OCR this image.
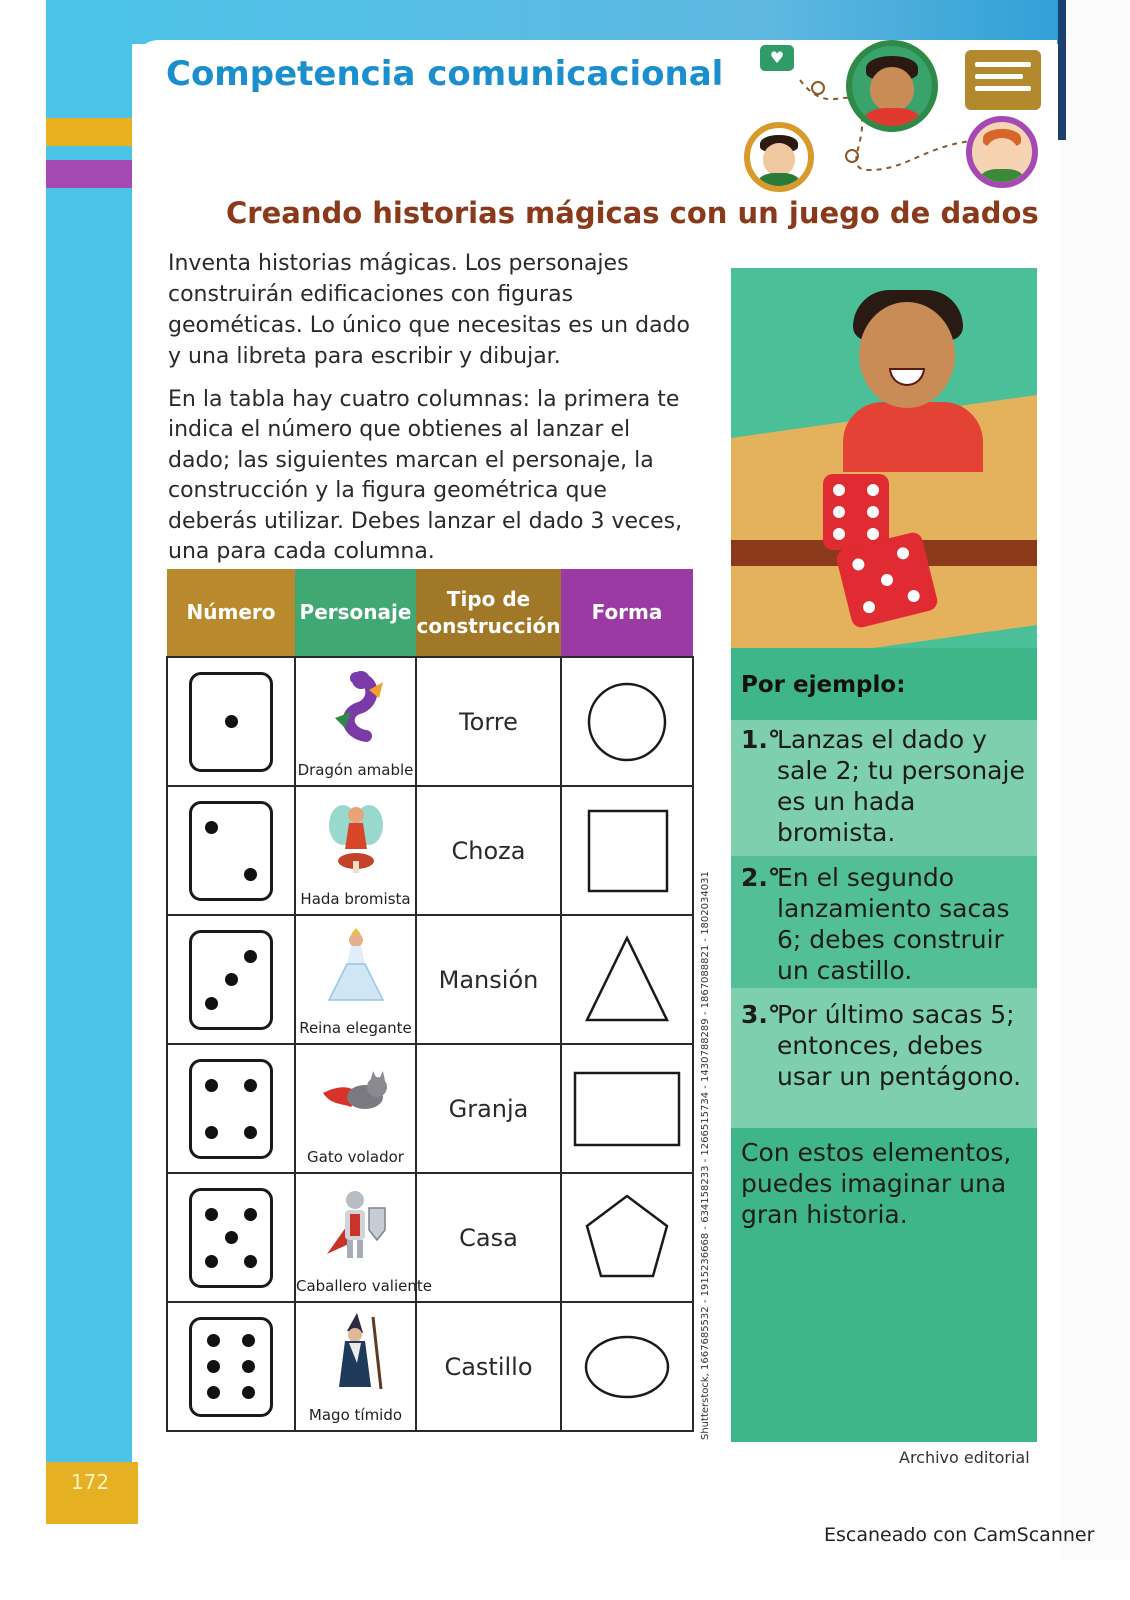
172
Competencia comunicacional	♥
Creando historias mágicas con un juego de dados
Inventa historias mágicas. Los personajes construirán edificaciones con figuras geométicas. Lo único que necesitas es un dado y una libreta para escribir y dibujar.
En la tabla hay cuatro columnas: la primera te indica el número que obtienes al lanzar el dado; las siguientes marcan el personaje, la construcción y la figura geométrica que deberás utilizar. Debes lanzar el dado 3 veces, una para cada columna.
Número	Personaje	Tipo de construcción	Forma

	Dragón amable	Torre	

	Hada bromista	Choza	

	Reina elegante	Mansión	

	Gato volador	Granja	

	Caballero valiente	Casa	

	Mago tímido	Castillo	
Por ejemplo:
1.°
Lanzas el dado y sale 2; tu personaje es un hada bromista.
2.°
En el segundo lanzamiento sacas 6; debes construir un castillo.
3.°
Por último sacas 5; entonces, debes usar un pentágono.
Con estos elementos, puedes imaginar una gran historia.
Archivo editorial
Shutterstock, 1667685532 - 1915236668 - 634158233 - 1266515734 - 1430788289 - 1867088821 - 1802034031
Escaneado con CamScanner
